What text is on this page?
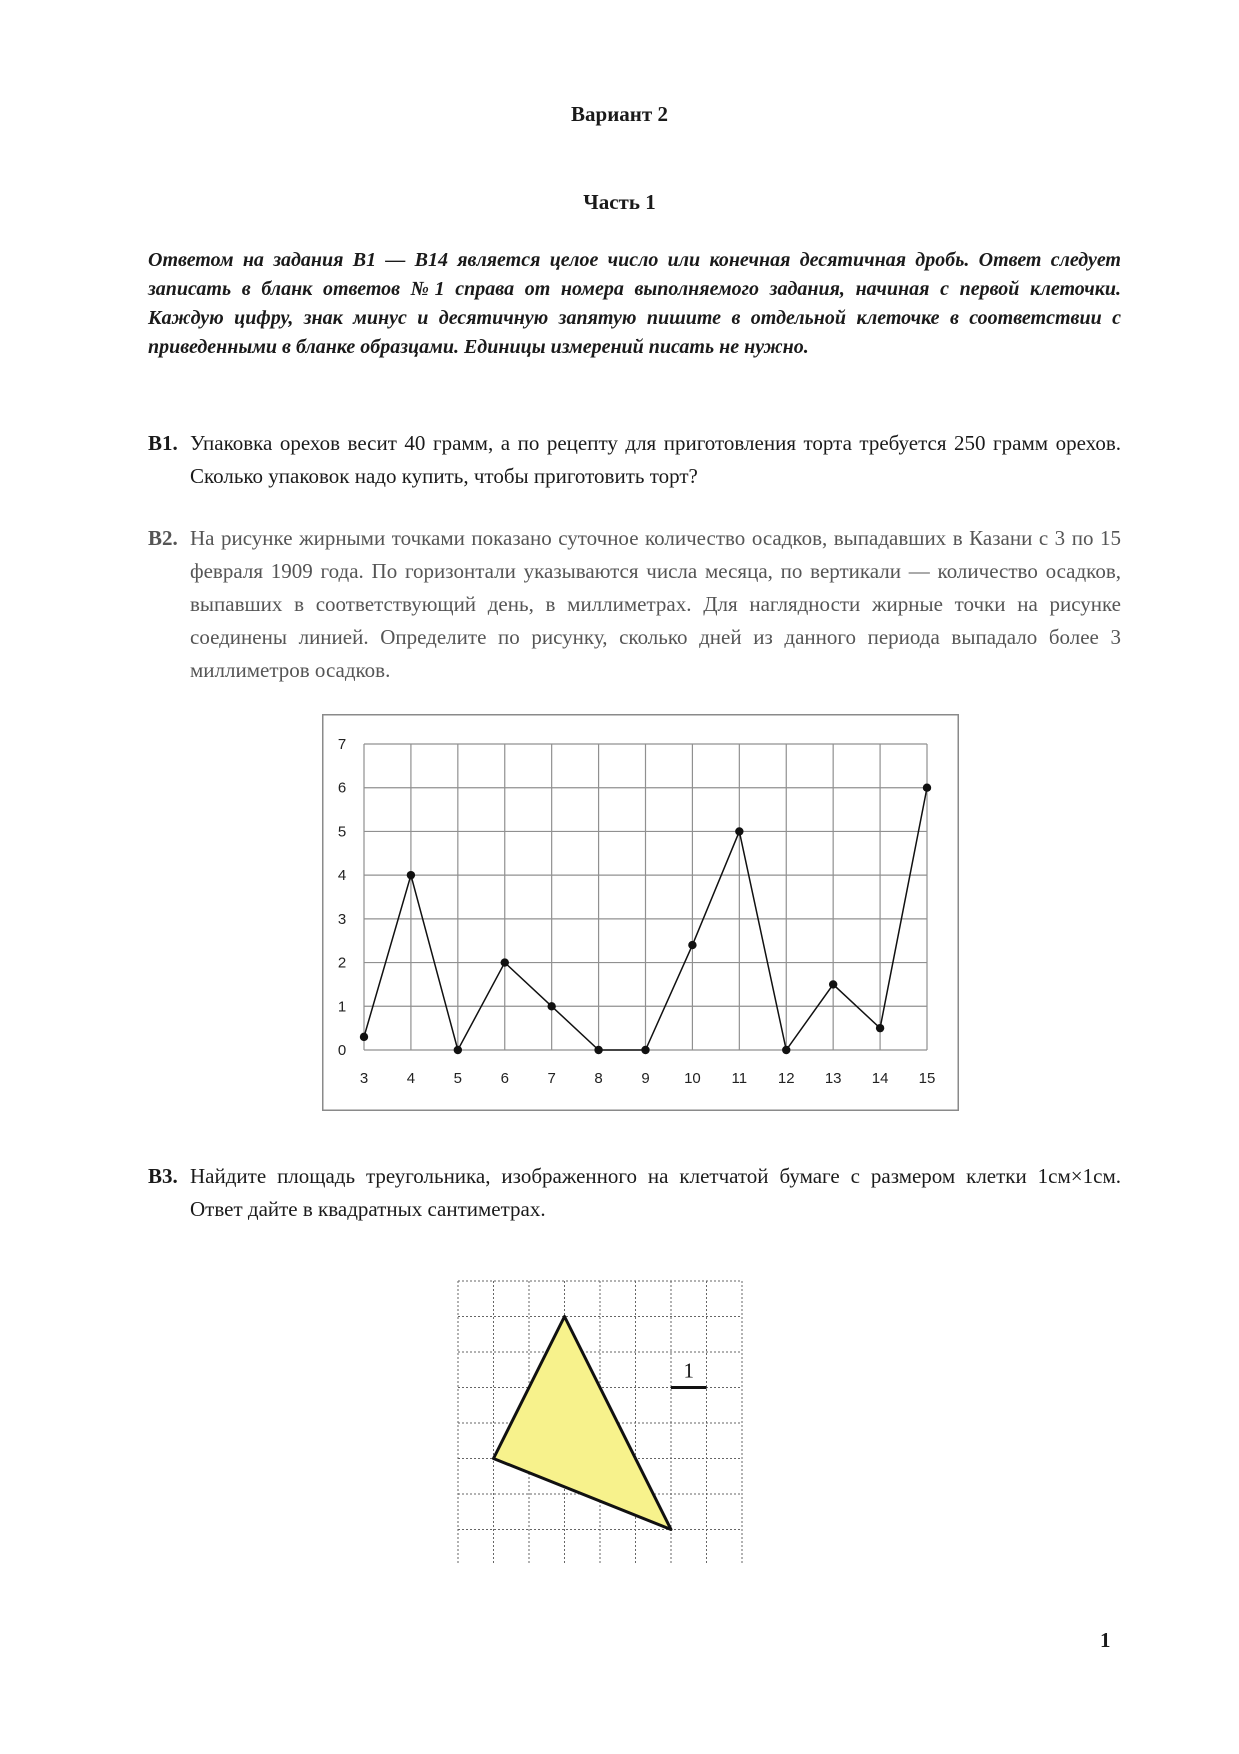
Вариант 2
Часть 1
Ответом на задания B1 — B14 является целое число или конечная десятичная дробь. Ответ следует записать в бланк ответов №1 справа от номера выполняемого задания, начиная с первой клеточки. Каждую цифру, знак минус и десятичную запятую пишите в отдельной клеточке в соответствии с приведенными в бланке образцами. Единицы измерений писать не нужно.
B1. Упаковка орехов весит 40 грамм, а по рецепту для приготовления торта требуется 250 грамм орехов. Сколько упаковок надо купить, чтобы приготовить торт?
B2. На рисунке жирными точками показано суточное количество осадков, выпадавших в Казани с 3 по 15 февраля 1909 года. По горизонтали указываются числа месяца, по вертикали — количество осадков, выпавших в соответствующий день, в миллиметрах. Для наглядности жирные точки на рисунке соединены линией. Определите по рисунку, сколько дней из данного периода выпадало более 3 миллиметров осадков.
0
1
2
3
4
5
6
7
3	4	5	6	7	8	9 10 11 12 13 14 15
B3. Найдите площадь треугольника, изображенного на клетчатой бумаге с размером клетки 1см×1см. Ответ дайте в квадратных сантиметрах.
1
1
